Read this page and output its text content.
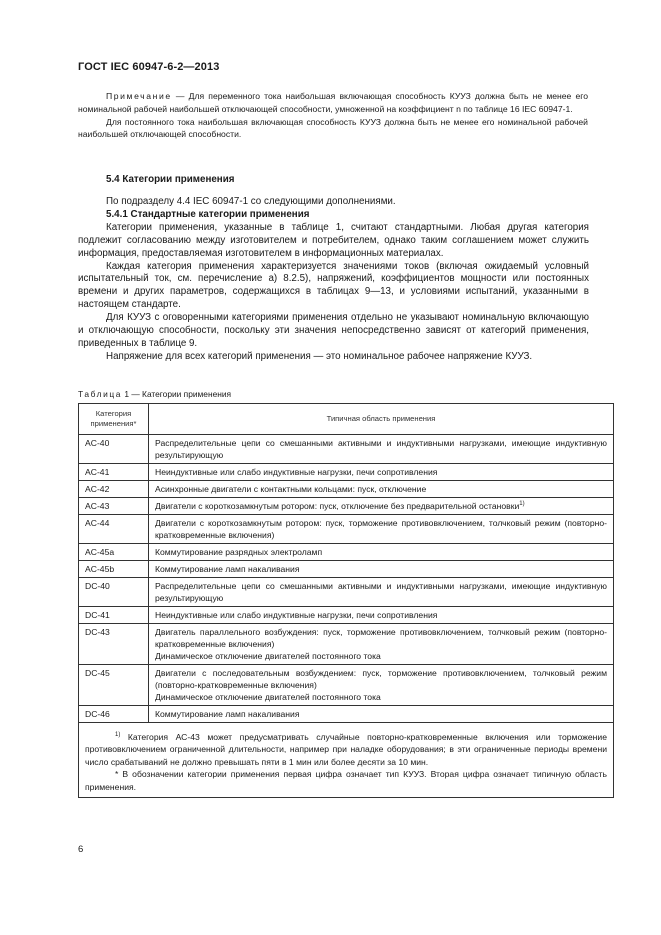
ГОСТ IEC 60947-6-2—2013

Примечание — Для переменного тока наибольшая включающая способность КУУЗ должна быть не менее его номинальной рабочей наибольшей отключающей способности, умноженной на коэффициент n по таблице 16 IEC 60947-1.

Для постоянного тока наибольшая включающая способность КУУЗ должна быть не менее его номинальной рабочей наибольшей отключающей способности.

5.4 Категории применения

По подразделу 4.4 IEC 60947-1 со следующими дополнениями.

5.4.1 Стандартные категории применения

Категории применения, указанные в таблице 1, считают стандартными. Любая другая категория подлежит согласованию между изготовителем и потребителем, однако таким соглашением может служить информация, предоставляемая изготовителем в информационных материалах.

Каждая категория применения характеризуется значениями токов (включая ожидаемый условный испытательный ток, см. перечисление а) 8.2.5), напряжений, коэффициентов мощности или постоянных времени и других параметров, содержащихся в таблицах 9—13, и условиями испытаний, указанными в настоящем стандарте.

Для КУУЗ с оговоренными категориями применения отдельно не указывают номинальную включающую и отключающую способности, поскольку эти значения непосредственно зависят от категорий применения, приведенных в таблице 9.

Напряжение для всех категорий применения — это номинальное рабочее напряжение КУУЗ.

Таблица 1 — Категории применения
Категория применения*	Типичная область применения
AC-40	Распределительные цепи со смешанными активными и индуктивными нагрузками, имеющие индуктивную результирующую

AC-41	Неиндуктивные или слабо индуктивные нагрузки, печи сопротивления

AC-42	Асинхронные двигатели с контактными кольцами: пуск, отключение

AC-43	Двигатели с короткозамкнутым ротором: пуск, отключение без предварительной остановки$^{1)}$

AC-44	Двигатели с короткозамкнутым ротором: пуск, торможение противовключением, толчковый режим (повторно-кратковременные включения)

AC-45a	Коммутирование разрядных электроламп

AC-45b	Коммутирование ламп накаливания

DC-40	Распределительные цепи со смешанными активными и индуктивными нагрузками, имеющие индуктивную результирующую

DC-41	Неиндуктивные или слабо индуктивные нагрузки, печи сопротивления

DC-43	Двигатель параллельного возбуждения: пуск, торможение противовключением, толчковый режим (повторно-кратковременные включения)
Динамическое отключение двигателей постоянного тока

DC-45	Двигатели с последовательным возбуждением: пуск, торможение противовключением, толчковый режим (повторно-кратковременные включения)
Динамическое отключение двигателей постоянного тока

DC-46	Коммутирование ламп накаливания

$^{1)}$ Категория АС-43 может предусматривать случайные повторно-кратковременные включения или торможение противовключением ограниченной длительности, например при наладке оборудования; в эти ограниченные периоды времени число срабатываний не должно превышать пяти в 1 мин или более десяти за 10 мин.

* В обозначении категории применения первая цифра означает тип КУУЗ. Вторая цифра означает типичную область применения.	

6
